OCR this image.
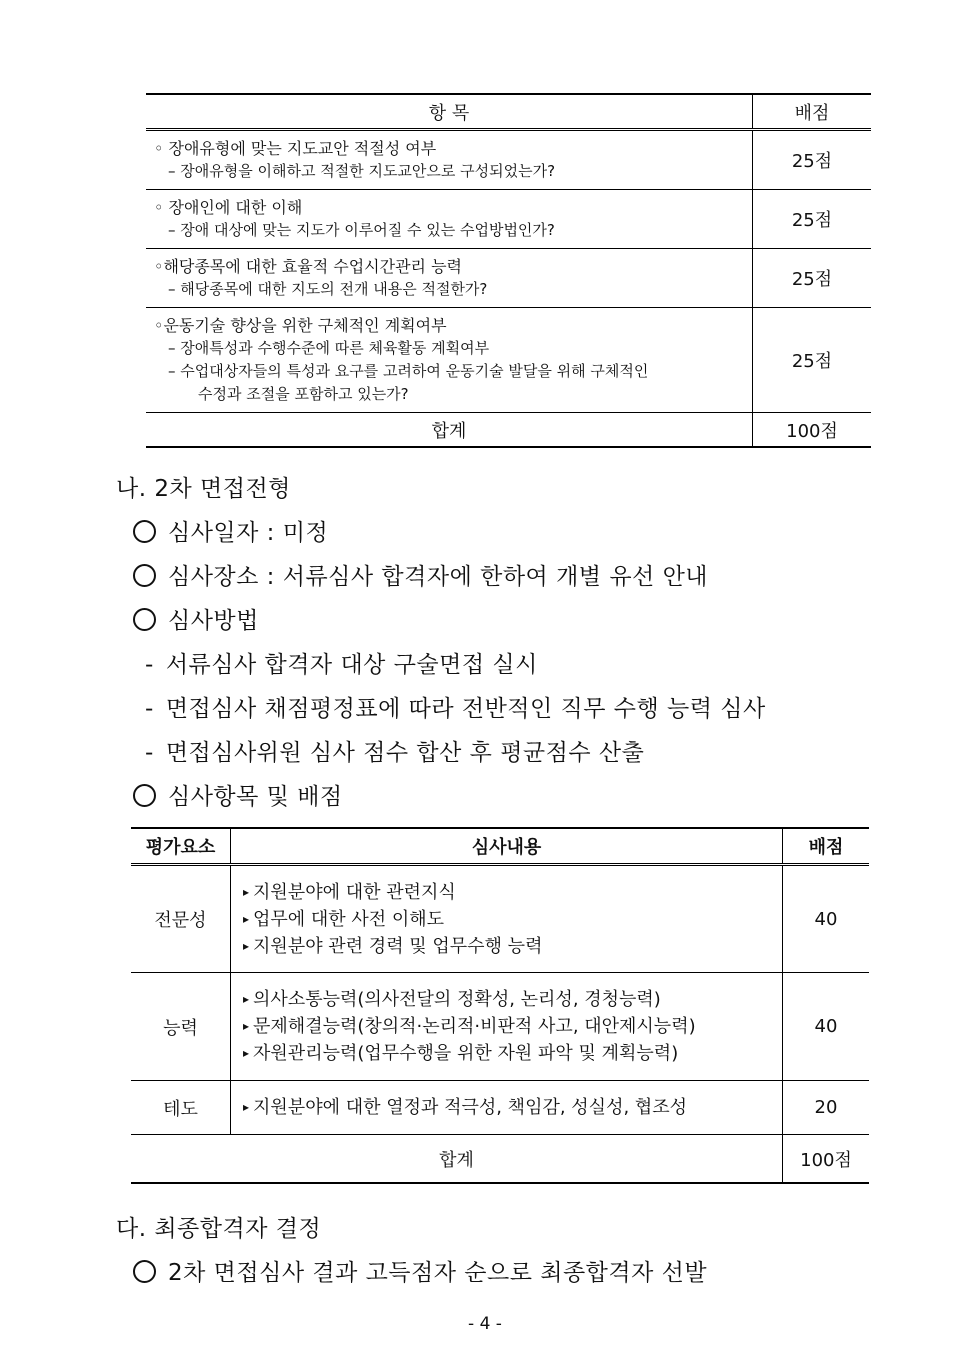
항 목	배점

◦ 장애유형에 맞는 지도교안 적절성 여부
– 장애유형을 이해하고 적절한 지도교안으로 구성되었는가?	25점

◦ 장애인에 대한 이해
– 장애 대상에 맞는 지도가 이루어질 수 있는 수업방법인가?	25점

◦해당종목에 대한 효율적 수업시간관리 능력
– 해당종목에 대한 지도의 전개 내용은 적절한가?	25점

◦운동기술 향상을 위한 구체적인 계획여부
– 장애특성과 수행수준에 따른 체육활동 계획여부
– 수업대상자들의 특성과 요구를 고려하여 운동기술 발달을 위해 구체적인
수정과 조절을 포함하고 있는가?	25점
합계	100점
나. 2차 면접전형
심사일자 : 미정
심사장소 : 서류심사 합격자에 한하여 개별 유선 안내
심사방법
- 서류심사 합격자 대상 구술면접 실시
- 면접심사 채점평정표에 따라 전반적인 직무 수행 능력 심사
- 면접심사위원 심사 점수 합산 후 평균점수 산출
심사항목 및 배점
평가요소	심사내용	배점
전문성	▸ 지원분야에 대한 관련지식
▸ 업무에 대한 사전 이해도
▸ 지원분야 관련 경력 및 업무수행 능력	40
능력	▸ 의사소통능력(의사전달의 정확성, 논리성, 경청능력)
▸ 문제해결능력(창의적·논리적·비판적 사고, 대안제시능력)
▸ 자원관리능력(업무수행을 위한 자원 파악 및 계획능력)	40
테도	▸ 지원분야에 대한 열정과 적극성, 책임감, 성실성, 협조성	20
합계		100점
다. 최종합격자 결정
2차 면접심사 결과 고득점자 순으로 최종합격자 선발
- 4 -
